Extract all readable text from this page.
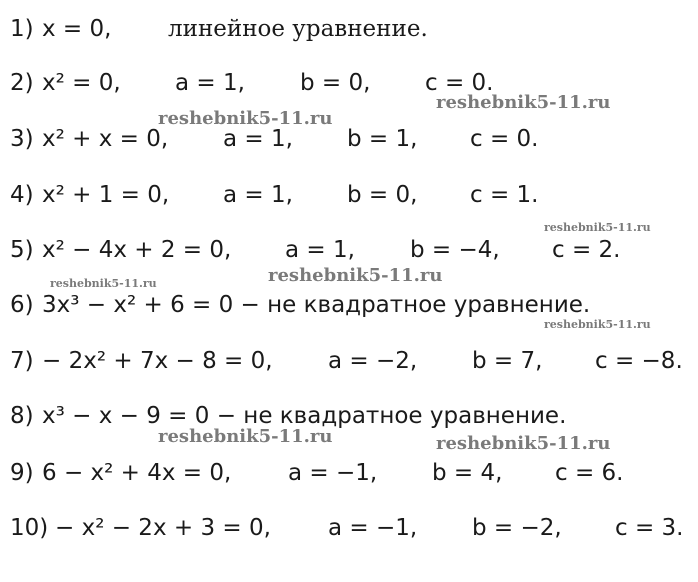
1) x = 0, линейное уравнение.
2) x² = 0, a = 1, b = 0, c = 0.
3) x² + x = 0, a = 1, b = 1, c = 0.
4) x² + 1 = 0, a = 1, b = 0, c = 1.
5) x² − 4x + 2 = 0, a = 1, b = −4, c = 2.
6) 3x³ − x² + 6 = 0 − не квадратное уравнение.
7) − 2x² + 7x − 8 = 0, a = −2, b = 7, c = −8.
8) x³ − x − 9 = 0 − не квадратное уравнение.
9) 6 − x² + 4x = 0, a = −1, b = 4, c = 6.
10) − x² − 2x + 3 = 0, a = −1, b = −2, c = 3.
reshebnik5-11.ru
reshebnik5-11.ru
reshebnik5-11.ru
reshebnik5-11.ru
reshebnik5-11.ru
reshebnik5-11.ru
reshebnik5-11.ru	reshebnik5-11.ru
